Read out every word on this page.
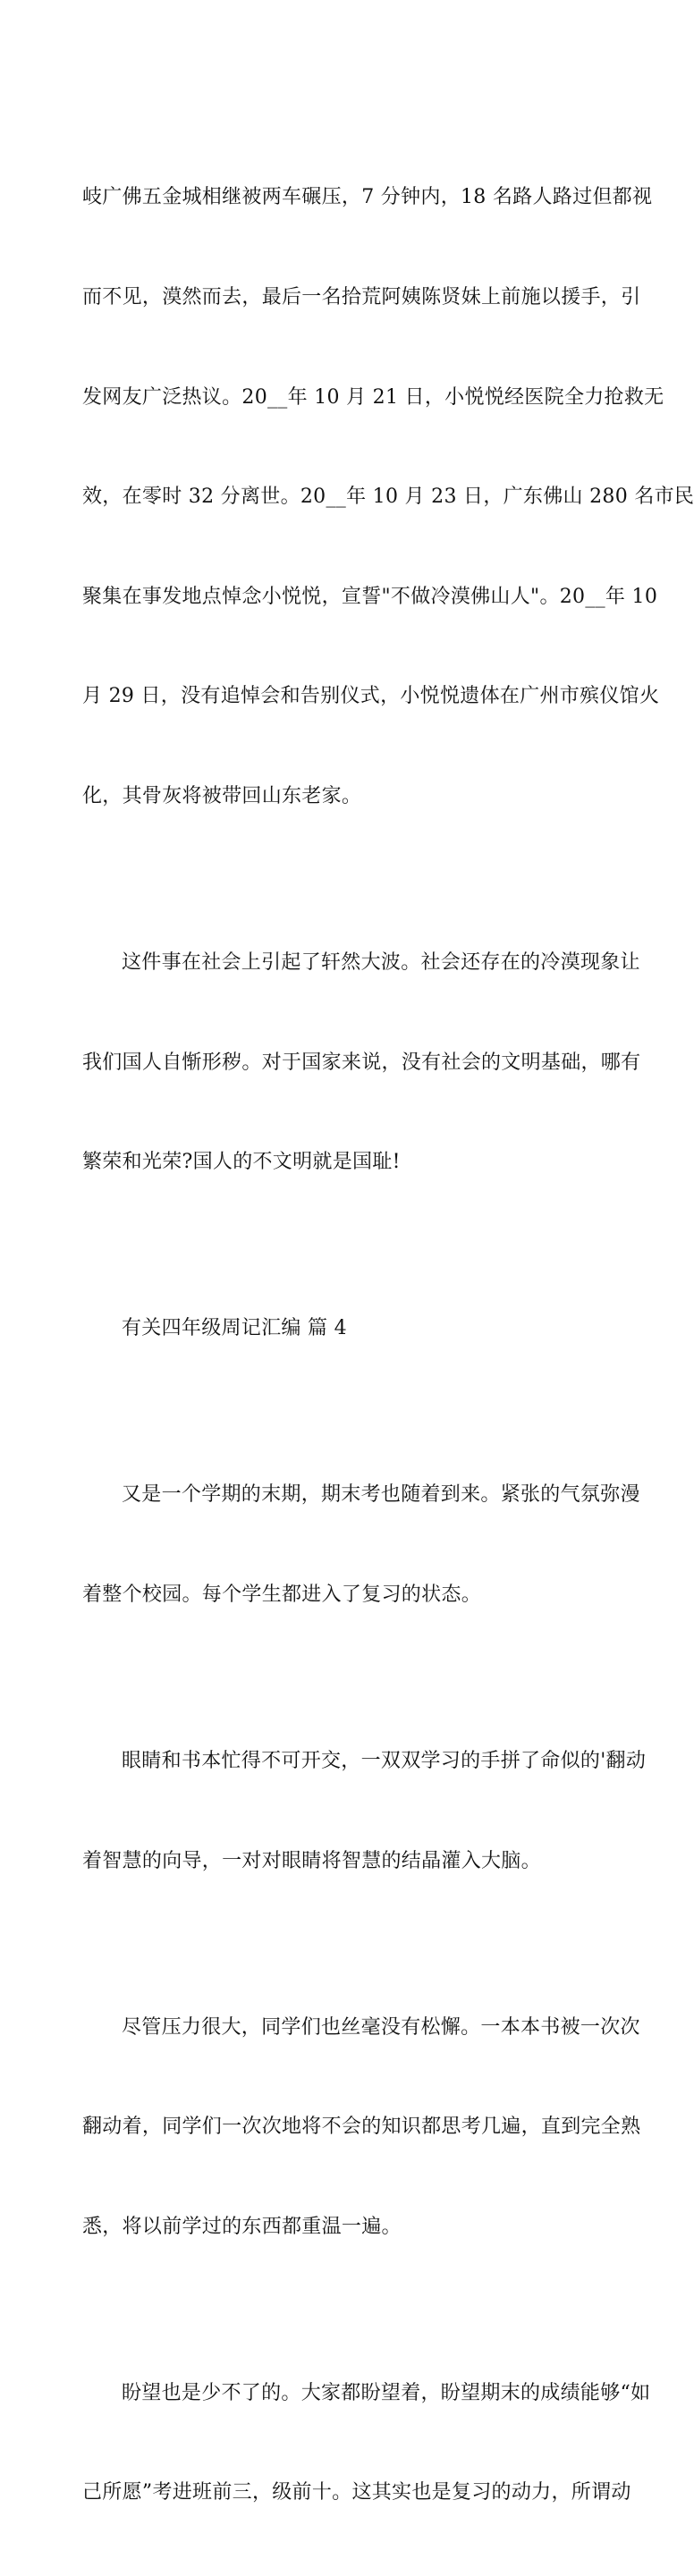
岐广佛五金城相继被两车碾压，7 分钟内，18 名路人路过但都视

而不见，漠然而去，最后一名拾荒阿姨陈贤妹上前施以援手，引

发网友广泛热议。20__年 10 月 21 日，小悦悦经医院全力抢救无

效，在零时 32 分离世。20__年 10 月 23 日，广东佛山 280 名市民

聚集在事发地点悼念小悦悦，宣誓"不做冷漠佛山人"。20__年 10

月 29 日，没有追悼会和告别仪式，小悦悦遗体在广州市殡仪馆火

化，其骨灰将被带回山东老家。

这件事在社会上引起了轩然大波。社会还存在的冷漠现象让

我们国人自惭形秽。对于国家来说，没有社会的文明基础，哪有

繁荣和光荣?国人的不文明就是国耻!

有关四年级周记汇编 篇 4

又是一个学期的末期，期末考也随着到来。紧张的气氛弥漫

着整个校园。每个学生都进入了复习的状态。

眼睛和书本忙得不可开交，一双双学习的手拼了命似的'翻动

着智慧的向导，一对对眼睛将智慧的结晶灌入大脑。

尽管压力很大，同学们也丝毫没有松懈。一本本书被一次次

翻动着，同学们一次次地将不会的知识都思考几遍，直到完全熟

悉，将以前学过的东西都重温一遍。

盼望也是少不了的。大家都盼望着，盼望期末的成绩能够“如

己所愿”考进班前三，级前十。这其实也是复习的动力，所谓动
